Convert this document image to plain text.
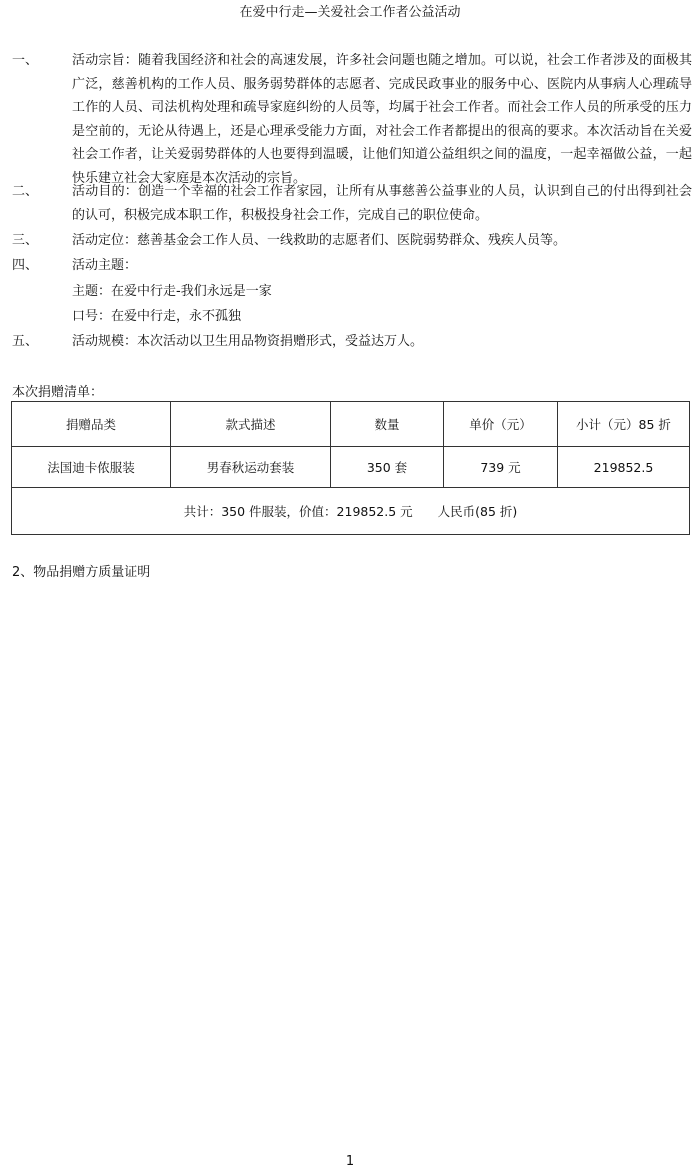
在爱中行走—关爱社会工作者公益活动
一、	活动宗旨：随着我国经济和社会的高速发展，许多社会问题也随之增加。可以说，社会工作者涉及的面极其广泛，慈善机构的工作人员、服务弱势群体的志愿者、完成民政事业的服务中心、医院内从事病人心理疏导工作的人员、司法机构处理和疏导家庭纠纷的人员等，均属于社会工作者。而社会工作人员的所承受的压力是空前的，无论从待遇上，还是心理承受能力方面，对社会工作者都提出的很高的要求。本次活动旨在关爱社会工作者，让关爱弱势群体的人也要得到温暖，让他们知道公益组织之间的温度，一起幸福做公益，一起快乐建立社会大家庭是本次活动的宗旨。
二、	活动目的：创造一个幸福的社会工作者家园，让所有从事慈善公益事业的人员，认识到自己的付出得到社会的认可，积极完成本职工作，积极投身社会工作，完成自己的职位使命。
三、	活动定位：慈善基金会工作人员、一线救助的志愿者们、医院弱势群众、残疾人员等。
四、	活动主题：
主题：在爱中行走-我们永远是一家
口号：在爱中行走，永不孤独
五、	活动规模：本次活动以卫生用品物资捐赠形式，受益达万人。
本次捐赠清单：
捐赠品类	款式描述	数量	单价（元）	小计（元）85 折
法国迪卡侬服装	男春秋运动套装	350 套	739 元	219852.5
共计：350 件服装，价值：219852.5 元　　人民币(85 折)				
2、物品捐赠方质量证明
1
